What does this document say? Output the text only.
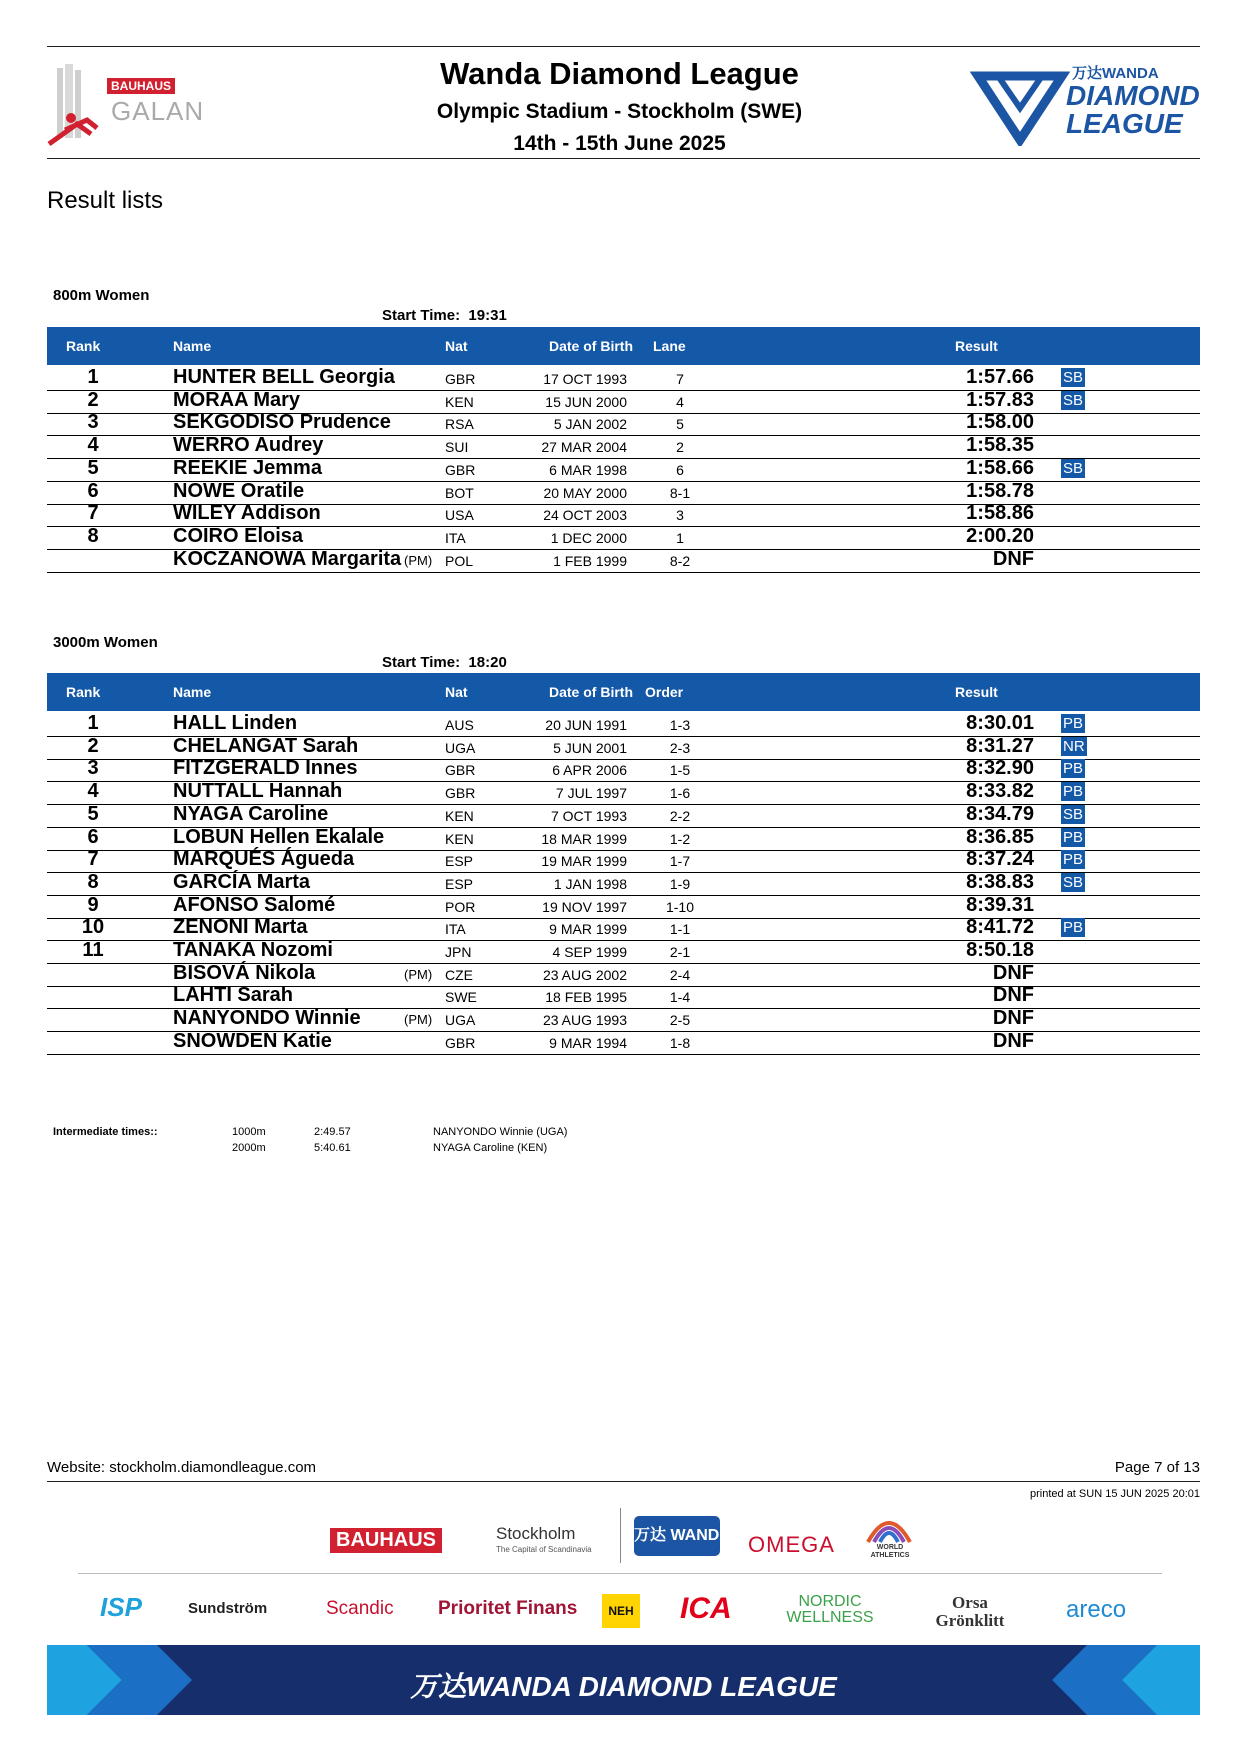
BAUHAUS
GALAN
Wanda Diamond League
Olympic Stadium - Stockholm (SWE)
14th - 15th June 2025
万达WANDA
DIAMOND
LEAGUE
Result lists
800m Women
Start Time: 19:31
Rank	Name	Nat	Date of Birth Lane	Result
1	HUNTER BELL Georgia	GBR	17 OCT 1993	7	1:57.66 SB
2	MORAA Mary	KEN	15 JUN 2000	4	1:57.83 SB
3	SEKGODISO Prudence	RSA	5 JAN 2002	5	1:58.00
4	WERRO Audrey	SUI	27 MAR 2004	2	1:58.35
5	REEKIE Jemma	GBR	6 MAR 1998	6	1:58.66 SB
6	NOWE Oratile	BOT	20 MAY 2000	8-1	1:58.78
7	WILEY Addison	USA	24 OCT 2003	3	1:58.86
8	COIRO Eloisa	ITA	1 DEC 2000	1	2:00.20
KOCZANOWA Margarita (PM) POL	1 FEB 1999	8-2	DNF
3000m Women
Start Time: 18:20
Rank	Name	Nat	Date of Birth Order	Result
1	HALL Linden	AUS	20 JUN 1991	1-3	8:30.01 PB
2	CHELANGAT Sarah	UGA	5 JUN 2001	2-3	8:31.27 NR
3	FITZGERALD Innes	GBR	6 APR 2006	1-5	8:32.90 PB
4	NUTTALL Hannah	GBR	7 JUL 1997	1-6	8:33.82 PB
5	NYAGA Caroline	KEN	7 OCT 1993	2-2	8:34.79 SB
6	LOBUN Hellen Ekalale	KEN	18 MAR 1999	1-2	8:36.85 PB
7	MARQUÉS Águeda	ESP	19 MAR 1999	1-7	8:37.24 PB
8	GARCÍA Marta	ESP	1 JAN 1998	1-9	8:38.83 SB
9	AFONSO Salomé	POR	19 NOV 1997	1-10	8:39.31
10	ZENONI Marta	ITA	9 MAR 1999	1-1	8:41.72 PB
11	TANAKA Nozomi	JPN	4 SEP 1999	2-1	8:50.18
BISOVÁ Nikola	(PM) CZE	23 AUG 2002	2-4	DNF
LAHTI Sarah	SWE	18 FEB 1995	1-4	DNF
NANYONDO Winnie	(PM) UGA	23 AUG 1993	2-5	DNF
SNOWDEN Katie	GBR	9 MAR 1994	1-8	DNF
Intermediate times::	1000m	2:49.57	NANYONDO Winnie (UGA)
2000m	5:40.61	NYAGA Caroline (KEN)
Website: stockholm.diamondleague.com	Page 7 of 13
printed at SUN 15 JUN 2025 20:01
BAUHAUS	Stockholm
The Capital of Scandinavia
万达 WANDA OMEGA	WORLD ATHLETICS
ISP	Sundström	Scandic Prioritet Finans	NEH ICA	NORDIC WELLNESS
Orsa Grönklitt	areco
万达WANDA DIAMOND LEAGUE
